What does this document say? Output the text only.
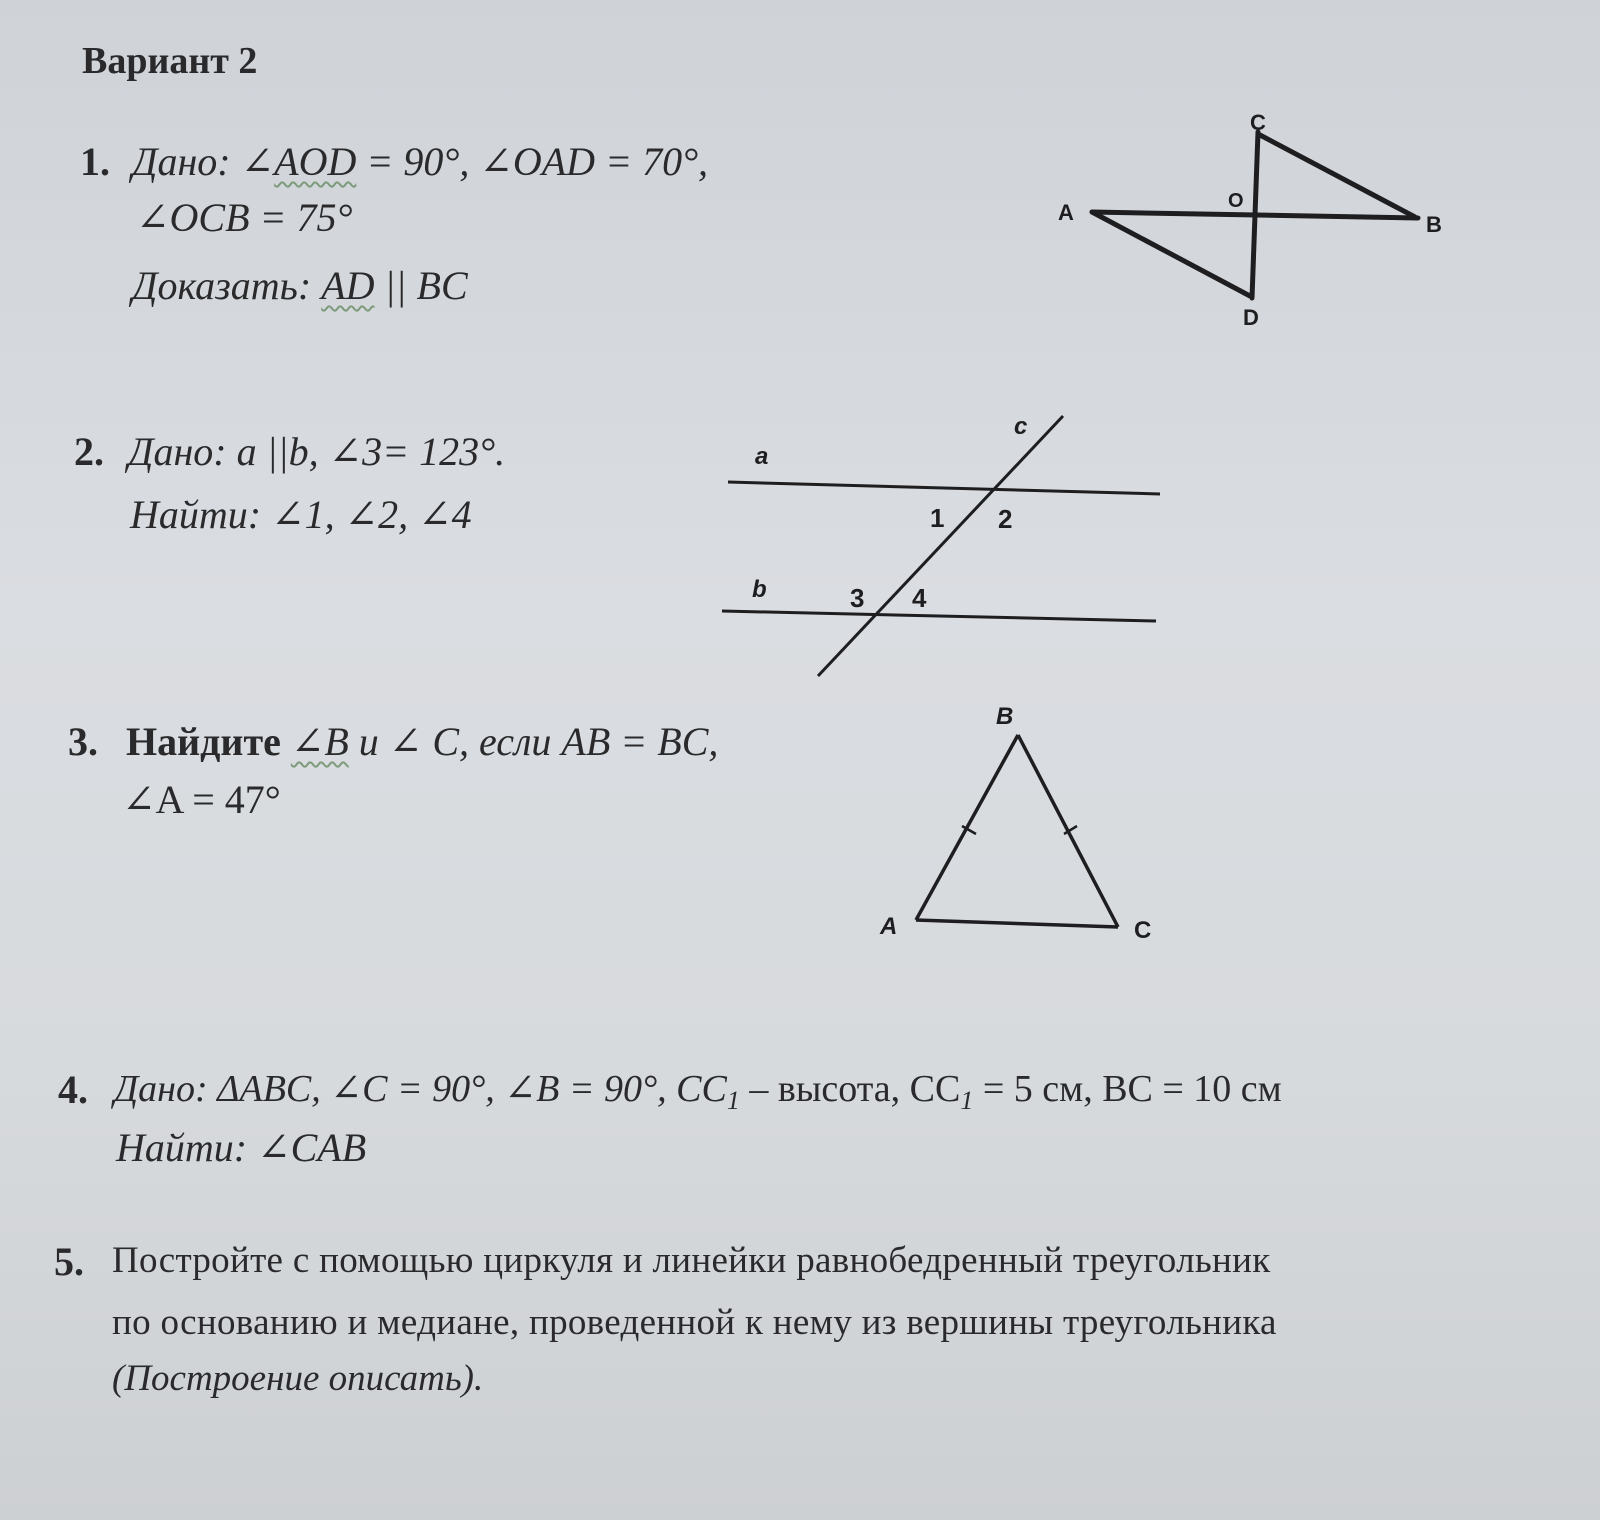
Вариант 2
1. Дано: ∠AOD = 90°, ∠OAD = 70°,
∠OCB = 75°
Доказать: AD || BC
2. Дано: a ||b, ∠3= 123°.
Найти: ∠1, ∠2, ∠4
3. Найдите ∠B и ∠ C, если AB = BC,
∠A = 47°
4. Дано: ΔABC, ∠C = 90°, ∠B = 90°, $CC_1$ – высота, $CC_1 = 5$ см, BC = 10 см
Найти: ∠CAB
5. Постройте с помощью циркуля и линейки равнобедренный треугольник
по основанию и медиане, проведенной к нему из вершины треугольника
(Построение описать).
C
A	O
B
D
a
b
c
1 2
3 4
B
A	C
